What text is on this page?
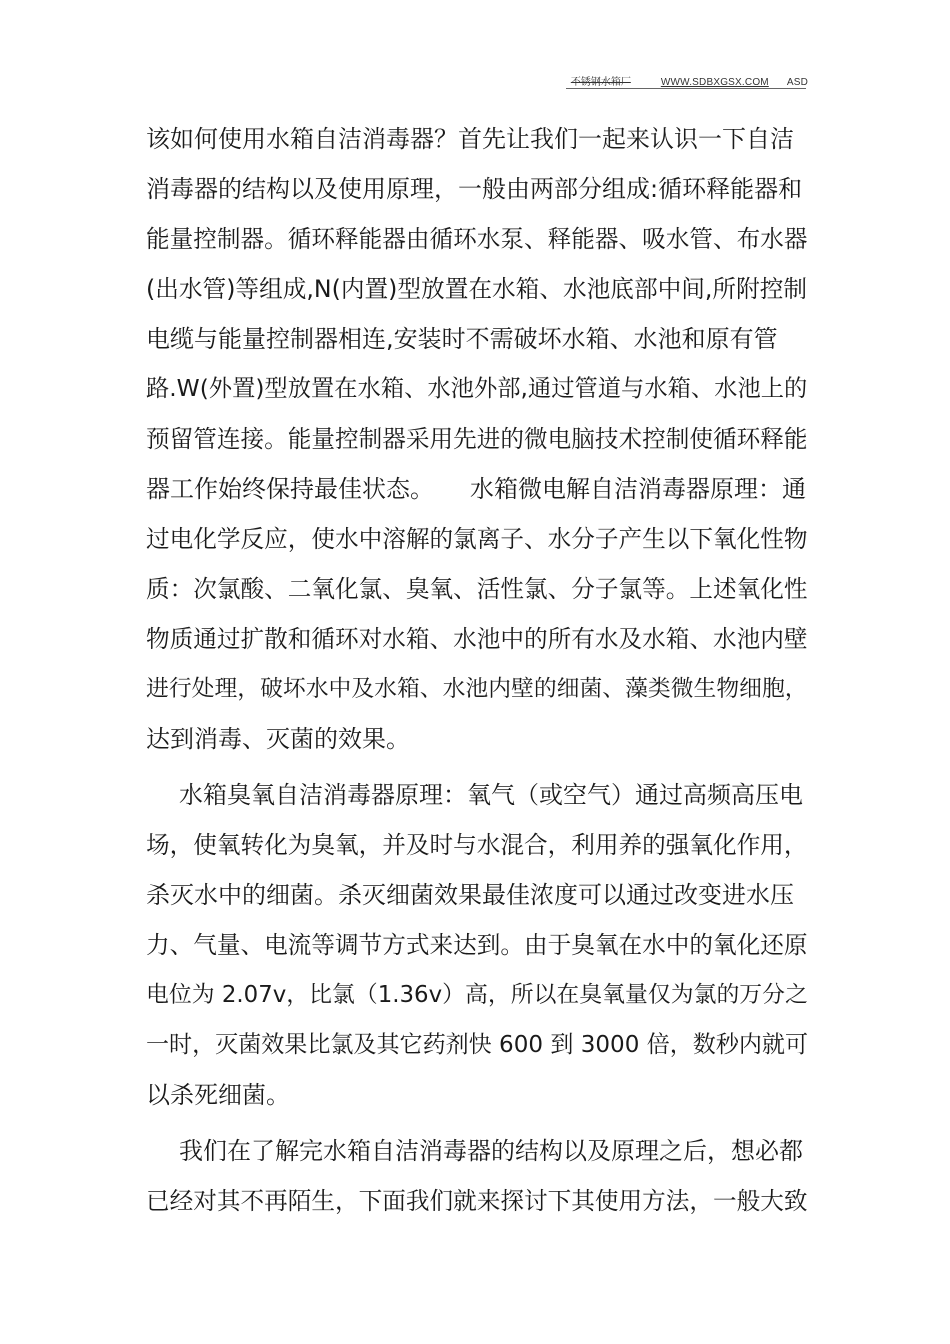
不锈钢水箱厂	WWW.SDBXGSX.COM ASD

该如何使用水箱自洁消毒器？首先让我们一起来认识一下自洁
消毒器的结构以及使用原理，一般由两部分组成:循环释能器和
能量控制器。循环释能器由循环水泵、释能器、吸水管、布水器
(出水管)等组成,N(内置)型放置在水箱、水池底部中间,所附控制
电缆与能量控制器相连,安装时不需破坏水箱、水池和原有管
路.W(外置)型放置在水箱、水池外部,通过管道与水箱、水池上的
预留管连接。能量控制器采用先进的微电脑技术控制使循环释能
器工作始终保持最佳状态。　　水箱微电解自洁消毒器原理：通
过电化学反应，使水中溶解的氯离子、水分子产生以下氧化性物
质：次氯酸、二氧化氯、臭氧、活性氯、分子氯等。上述氧化性
物质通过扩散和循环对水箱、水池中的所有水及水箱、水池内壁
进行处理，破坏水中及水箱、水池内壁的细菌、藻类微生物细胞，
达到消毒、灭菌的效果。

水箱臭氧自洁消毒器原理：氧气（或空气）通过高频高压电
场，使氧转化为臭氧，并及时与水混合，利用养的强氧化作用，
杀灭水中的细菌。杀灭细菌效果最佳浓度可以通过改变进水压
力、气量、电流等调节方式来达到。由于臭氧在水中的氧化还原
电位为 2.07v，比氯（1.36v）高，所以在臭氧量仅为氯的万分之
一时，灭菌效果比氯及其它药剂快 600 到 3000 倍，数秒内就可
以杀死细菌。

我们在了解完水箱自洁消毒器的结构以及原理之后，想必都
已经对其不再陌生，下面我们就来探讨下其使用方法，一般大致
